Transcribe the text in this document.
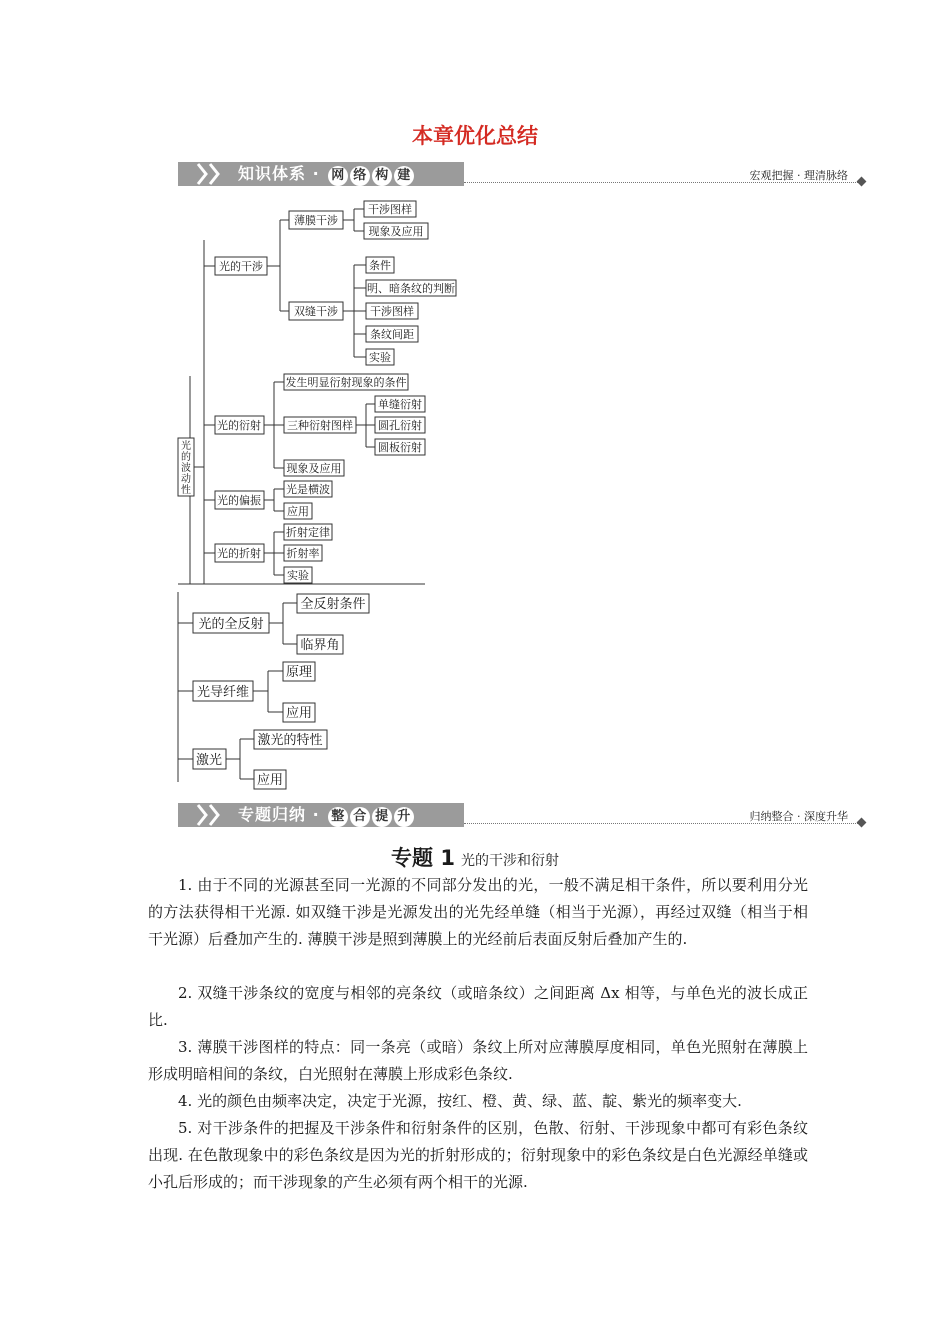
本章优化总结
知识体系 · 网 络 构 建	宏观把握 · 理清脉络
光的波动性
光的干涉
光的衍射
光的偏振
光的折射
薄膜干涉
双缝干涉
干涉图样
现象及应用
条件
明、暗条纹的判断
干涉图样
条纹间距
实验
发生明显衍射现象的条件
三种衍射图样
现象及应用
单缝衍射
圆孔衍射
圆板衍射
光是横波
应用
折射定律
折射率
实验
光的全反射
全反射条件
临界角
光导纤维
原理
应用
激光
激光的特性
应用
专题归纳 · 整 合 提 升	归纳整合 · 深度升华
专题 1 光的干涉和衍射
1. 由于不同的光源甚至同一光源的不同部分发出的光，一般不满足相干条件，所以要利用分光的方法获得相干光源. 如双缝干涉是光源发出的光先经单缝（相当于光源），再经过双缝（相当于相干光源）后叠加产生的. 薄膜干涉是照到薄膜上的光经前后表面反射后叠加产生的.
2. 双缝干涉条纹的宽度与相邻的亮条纹（或暗条纹）之间距离 Δx 相等，与单色光的波长成正比.
3. 薄膜干涉图样的特点：同一条亮（或暗）条纹上所对应薄膜厚度相同，单色光照射在薄膜上形成明暗相间的条纹，白光照射在薄膜上形成彩色条纹.
4. 光的颜色由频率决定，决定于光源，按红、橙、黄、绿、蓝、靛、紫光的频率变大.
5. 对干涉条件的把握及干涉条件和衍射条件的区别，色散、衍射、干涉现象中都可有彩色条纹出现. 在色散现象中的彩色条纹是因为光的折射形成的；衍射现象中的彩色条纹是白色光源经单缝或小孔后形成的；而干涉现象的产生必须有两个相干的光源.
